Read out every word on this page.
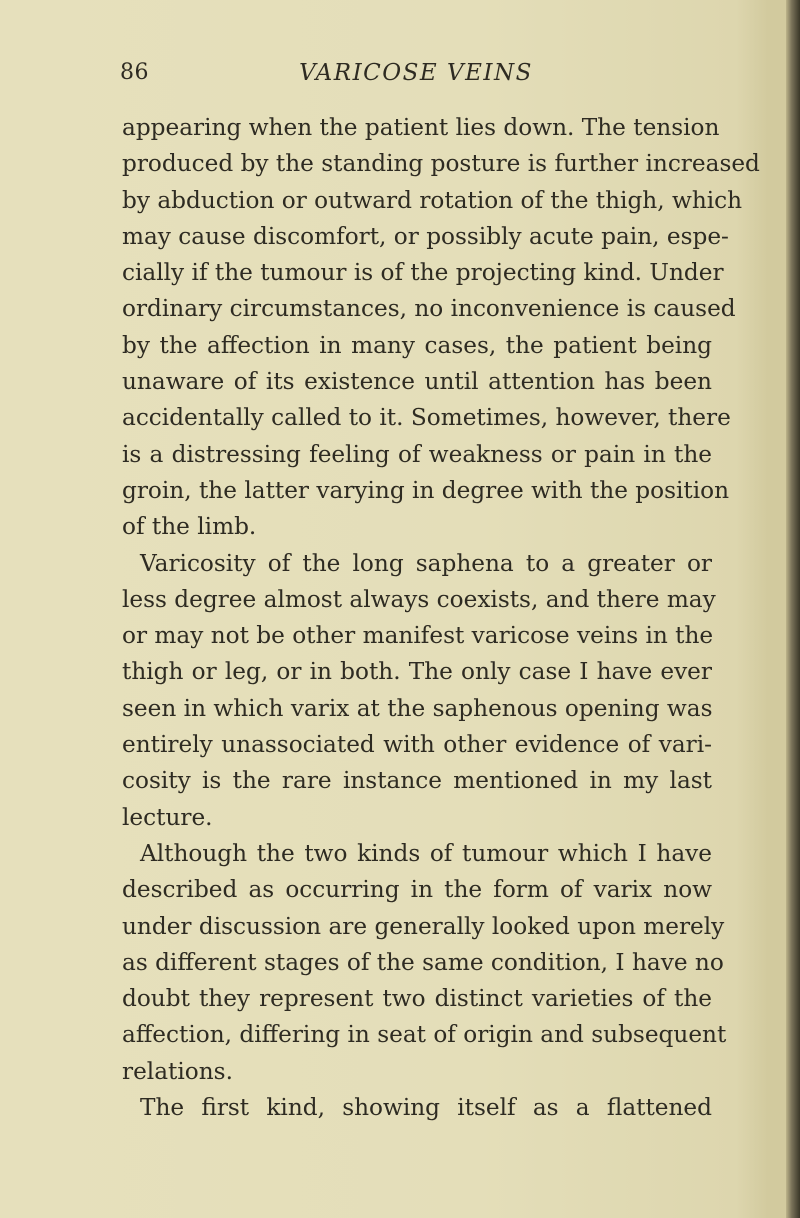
86	VARICOSE VEINS
appearing when the patient lies down. The tension
produced by the standing posture is further increased
by abduction or outward rotation of the thigh, which
may cause discomfort, or possibly acute pain, espe-
cially if the tumour is of the projecting kind. Under
ordinary circumstances, no inconvenience is caused
by the affection in many cases, the patient being
unaware of its existence until attention has been
accidentally called to it. Sometimes, however, there
is a distressing feeling of weakness or pain in the
groin, the latter varying in degree with the position
of the limb.
Varicosity of the long saphena to a greater or
less degree almost always coexists, and there may
or may not be other manifest varicose veins in the
thigh or leg, or in both. The only case I have ever
seen in which varix at the saphenous opening was
entirely unassociated with other evidence of vari-
cosity is the rare instance mentioned in my last
lecture.
Although the two kinds of tumour which I have
described as occurring in the form of varix now
under discussion are generally looked upon merely
as different stages of the same condition, I have no
doubt they represent two distinct varieties of the
affection, differing in seat of origin and subsequent
relations.
The first kind, showing itself as a flattened
